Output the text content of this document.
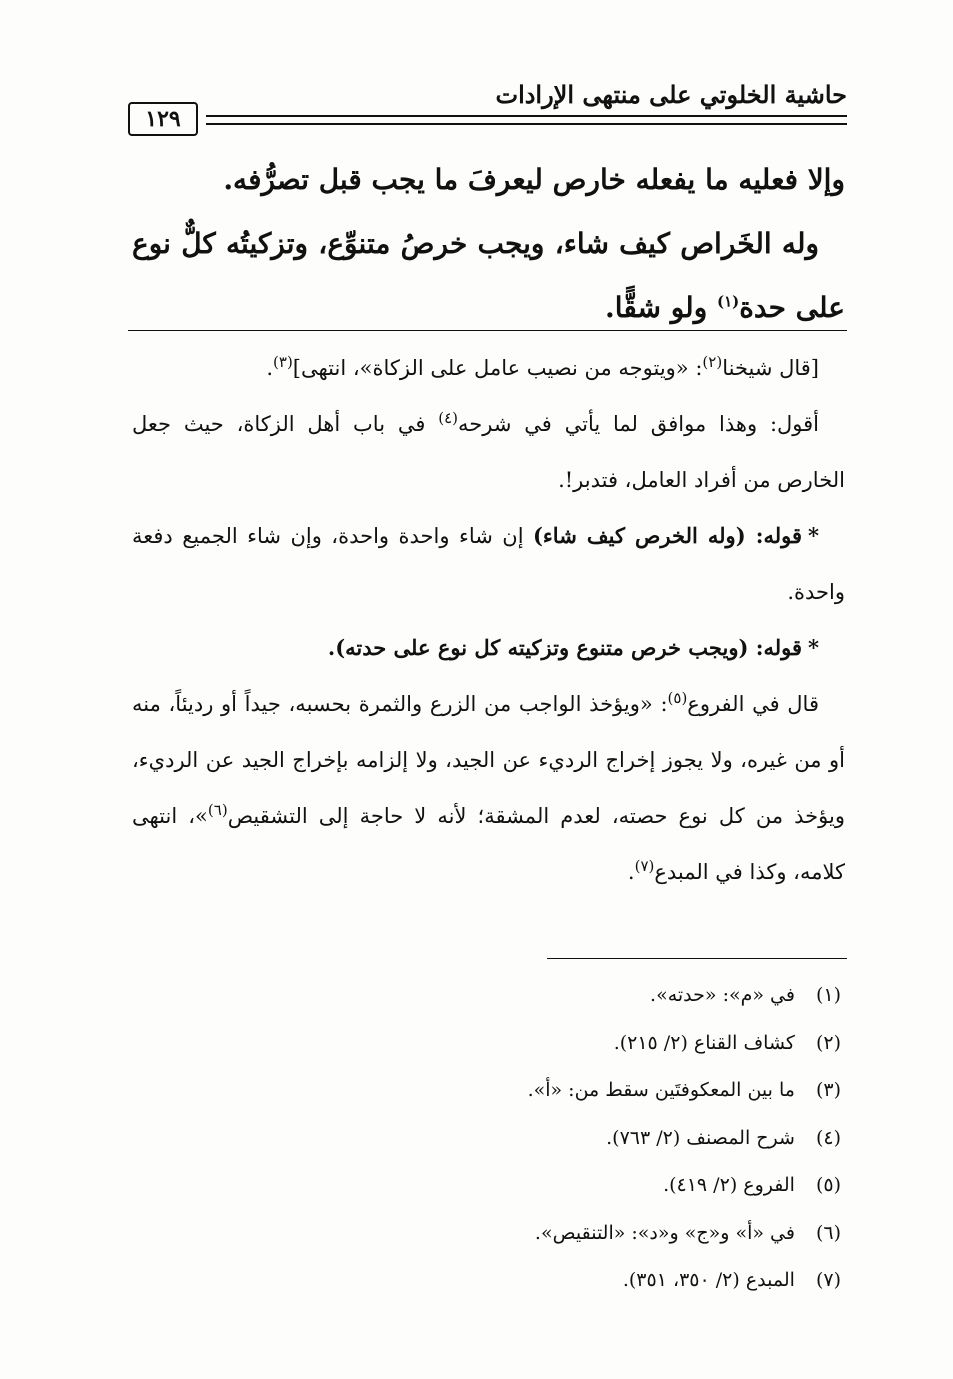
حاشية الخلوتي على منتهى الإرادات
١٢٩

وإلا فعليه ما يفعله خارص ليعرفَ ما يجب قبل تصرُّفه.

وله الخَراص كيف شاء، ويجب خرصُ متنوِّع، وتزكيتُه كلٌّ نوع على حدة$^{(١)}$ ولو شقًّا.

[قال شيخنا$^{(٢)}$: «ويتوجه من نصيب عامل على الزكاة»، انتهى]$^{(٣)}$.

أقول: وهذا موافق لما يأتي في شرحه$^{(٤)}$ في باب أهل الزكاة، حيث جعل الخارص من أفراد العامل، فتدبر!.

*قوله: (وله الخرص كيف شاء) إن شاء واحدة واحدة، وإن شاء الجميع دفعة واحدة.

*قوله: (ويجب خرص متنوع وتزكيته كل نوع على حدته).

قال في الفروع$^{(٥)}$: «ويؤخذ الواجب من الزرع والثمرة بحسبه، جيداً أو رديئاً، منه أو من غيره، ولا يجوز إخراج الرديء عن الجيد، ولا إلزامه بإخراج الجيد عن الرديء، ويؤخذ من كل نوع حصته، لعدم المشقة؛ لأنه لا حاجة إلى التشقيص$^{(٦)}$»، انتهى كلامه، وكذا في المبدع$^{(٧)}$.

(١) في «م»: «حدته».
(٢) كشاف القناع (٢/ ٢١٥).
(٣) ما بين المعكوفتَين سقط من: «أ».
(٤) شرح المصنف (٢/ ٧٦٣).
(٥) الفروع (٢/ ٤١٩).
(٦) في «أ» و«ج» و«د»: «التنقيص».
(٧) المبدع (٢/ ٣٥٠، ٣٥١).
